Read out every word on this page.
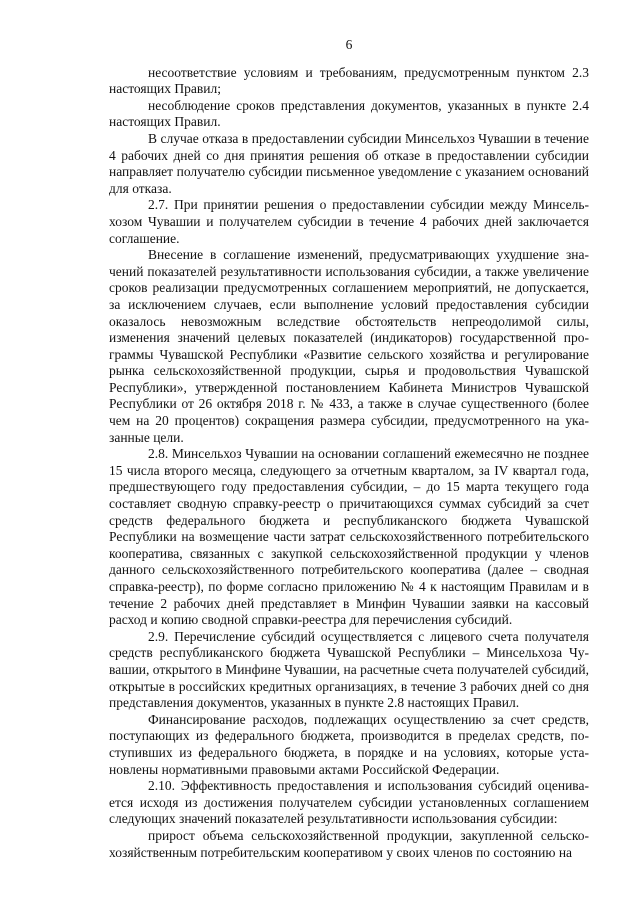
6

несоответствие условиям и требованиям, предусмотренным пунктом 2.3 настоящих Правил;

несоблюдение сроков представления документов, указанных в пункте 2.4 настоящих Правил.

В случае отказа в предоставлении субсидии Минсельхоз Чувашии в течение 4 рабочих дней со дня принятия решения об отказе в предоставлении субсидии направляет получателю субсидии письменное уведомление с указанием оснований для отказа.

2.7. При принятии решения о предоставлении субсидии между Минсельхозом Чувашии и получателем субсидии в течение 4 рабочих дней заключается соглашение.

Внесение в соглашение изменений, предусматривающих ухудшение значений показателей результативности использования субсидии, а также увеличение сроков реализации предусмотренных соглашением мероприятий, не допускается, за исключением случаев, если выполнение условий предоставления субсидии оказалось невозможным вследствие обстоятельств непреодолимой силы, изменения значений целевых показателей (индикаторов) государственной программы Чувашской Республики «Развитие сельского хозяйства и регулирование рынка сельскохозяйственной продукции, сырья и продовольствия Чувашской Республики», утвержденной постановлением Кабинета Министров Чувашской Республики от 26 октября 2018 г. № 433, а также в случае существенного (более чем на 20 процентов) сокращения размера субсидии, предусмотренного на указанные цели.

2.8. Минсельхоз Чувашии на основании соглашений ежемесячно не позднее 15 числа второго месяца, следующего за отчетным кварталом, за IV квартал года, предшествующего году предоставления субсидии, – до 15 марта текущего года составляет сводную справку-реестр о причитающихся суммах субсидий за счет средств федерального бюджета и республиканского бюджета Чувашской Республики на возмещение части затрат сельскохозяйственного потребительского кооператива, связанных с закупкой сельскохозяйственной продукции у членов данного сельскохозяйственного потребительского кооператива (далее – сводная справка-реестр), по форме согласно приложению № 4 к настоящим Правилам и в течение 2 рабочих дней представляет в Минфин Чувашии заявки на кассовый расход и копию сводной справки-реестра для перечисления субсидий.

2.9. Перечисление субсидий осуществляется с лицевого счета получателя средств республиканского бюджета Чувашской Республики – Минсельхоза Чувашии, открытого в Минфине Чувашии, на расчетные счета получателей субсидий, открытые в российских кредитных организациях, в течение 3 рабочих дней со дня представления документов, указанных в пункте 2.8 настоящих Правил.

Финансирование расходов, подлежащих осуществлению за счет средств, поступающих из федерального бюджета, производится в пределах средств, поступивших из федерального бюджета, в порядке и на условиях, которые установлены нормативными правовыми актами Российской Федерации.

2.10. Эффективность предоставления и использования субсидий оценивается исходя из достижения получателем субсидии установленных соглашением следующих значений показателей результативности использования субсидии:

прирост объема сельскохозяйственной продукции, закупленной сельскохозяйственным потребительским кооперативом у своих членов по состоянию на
